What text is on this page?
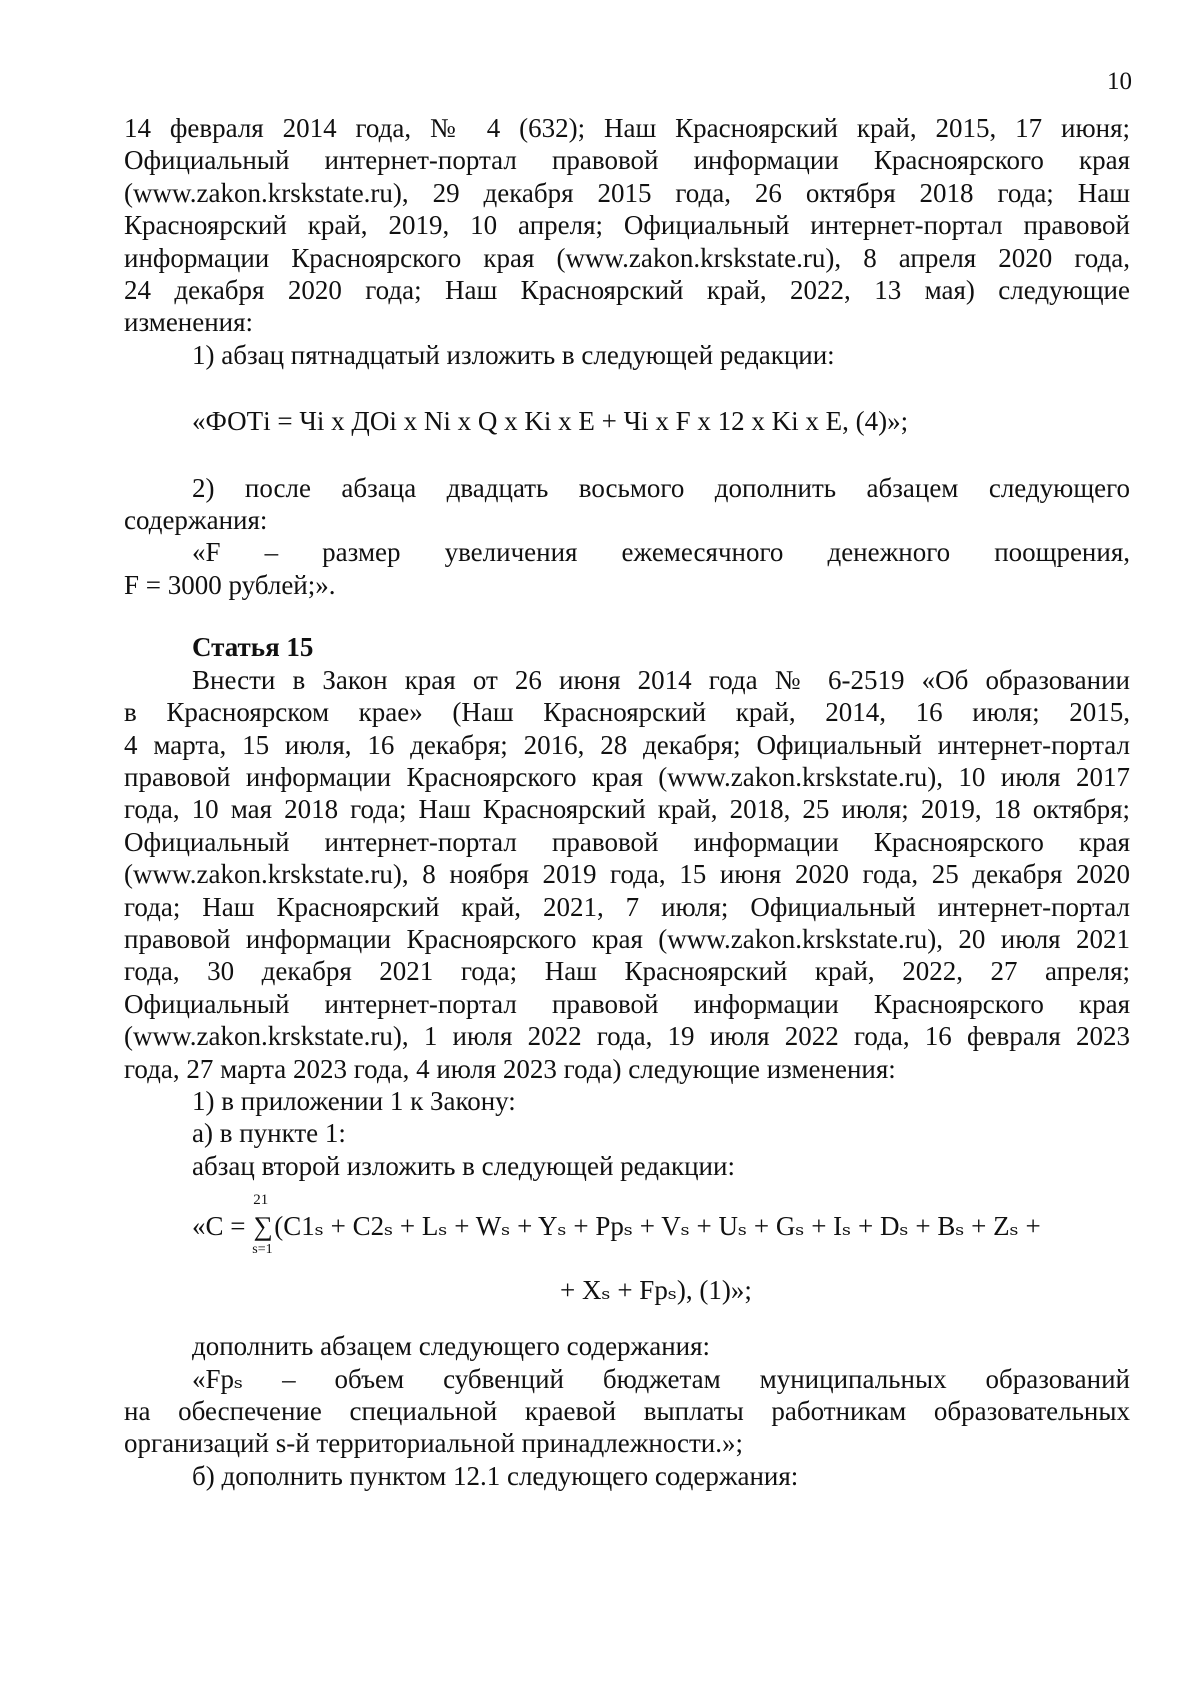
10

14 февраля 2014 года, № 4 (632); Наш Красноярский край, 2015, 17 июня;

Официальный интернет-портал правовой информации Красноярского края

(www.zakon.krskstate.ru), 29 декабря 2015 года, 26 октября 2018 года; Наш

Красноярский край, 2019, 10 апреля; Официальный интернет-портал правовой

информации Красноярского края (www.zakon.krskstate.ru), 8 апреля 2020 года,

24 декабря 2020 года; Наш Красноярский край, 2022, 13 мая) следующие

изменения:

1) абзац пятнадцатый изложить в следующей редакции:

«ФОТi = Чi x ДОi x Ni x Q x Ki x E + Чi x F x 12 x Ki x E, (4)»;

2) после абзаца двадцать восьмого дополнить абзацем следующего

содержания:

«F – размер увеличения ежемесячного денежного поощрения,

F = 3000 рублей;».

Статья 15

Внести в Закон края от 26 июня 2014 года № 6-2519 «Об образовании

в Красноярском крае» (Наш Красноярский край, 2014, 16 июля; 2015,

4 марта, 15 июля, 16 декабря; 2016, 28 декабря; Официальный интернет-портал

правовой информации Красноярского края (www.zakon.krskstate.ru), 10 июля 2017

года, 10 мая 2018 года; Наш Красноярский край, 2018, 25 июля; 2019, 18 октября;

Официальный интернет-портал правовой информации Красноярского края

(www.zakon.krskstate.ru), 8 ноября 2019 года, 15 июня 2020 года, 25 декабря 2020

года; Наш Красноярский край, 2021, 7 июля; Официальный интернет-портал

правовой информации Красноярского края (www.zakon.krskstate.ru), 20 июля 2021

года, 30 декабря 2021 года; Наш Красноярский край, 2022, 27 апреля;

Официальный интернет-портал правовой информации Красноярского края

(www.zakon.krskstate.ru), 1 июля 2022 года, 19 июля 2022 года, 16 февраля 2023

года, 27 марта 2023 года, 4 июля 2023 года) следующие изменения:

1) в приложении 1 к Закону:

а) в пункте 1:

абзац второй изложить в следующей редакции:

«C =
21
∑
s=1
(C1ₛ + C2ₛ + Lₛ + Wₛ + Yₛ + Ppₛ + Vₛ + Uₛ + Gₛ + Iₛ + Dₛ + Bₛ + Zₛ +
+ Xₛ + Fpₛ), (1)»;

дополнить абзацем следующего содержания:

«Fpₛ – объем субвенций бюджетам муниципальных образований

на обеспечение специальной краевой выплаты работникам образовательных

организаций s-й территориальной принадлежности.»;

б) дополнить пунктом 12.1 следующего содержания:
